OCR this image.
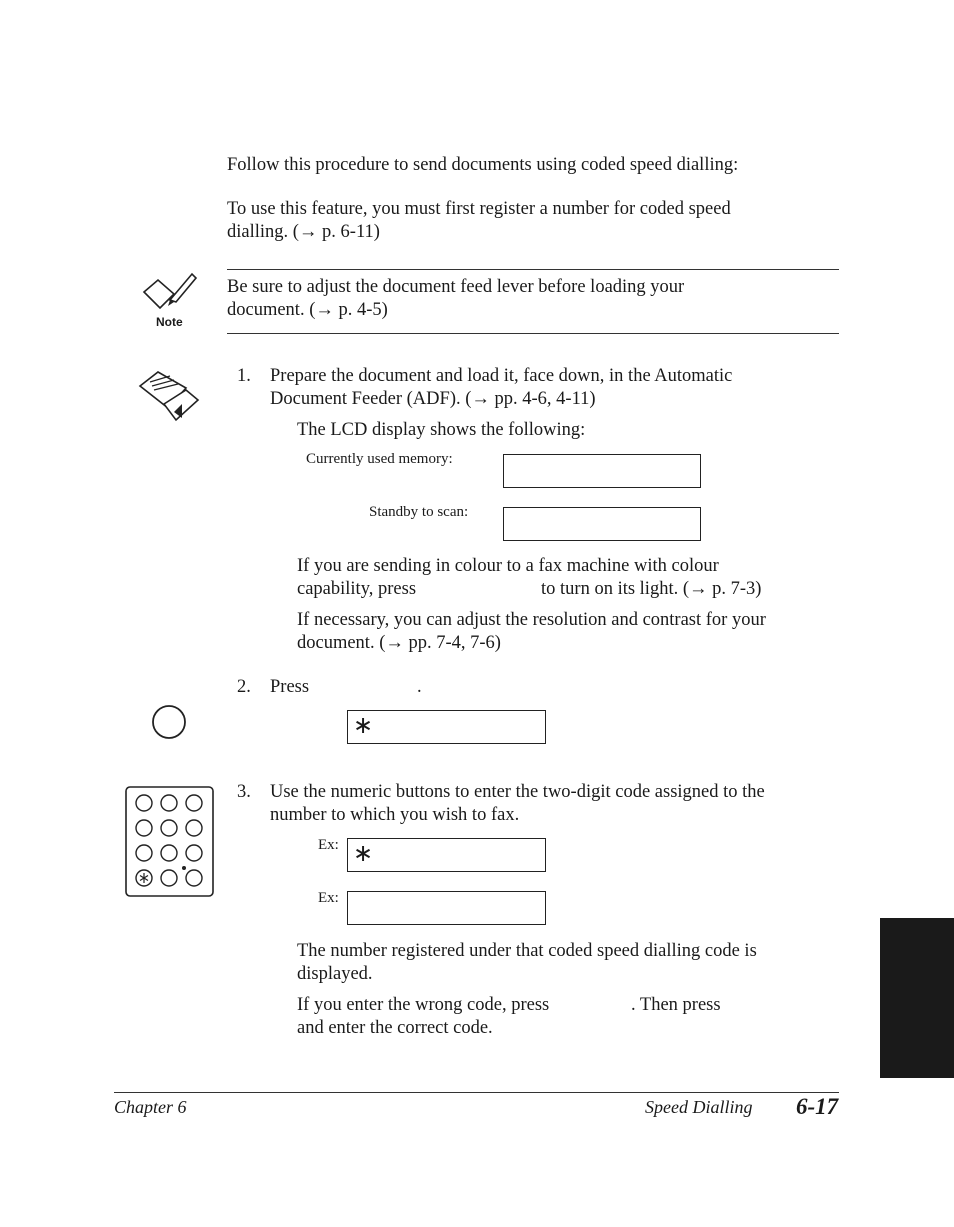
Follow this procedure to send documents using coded speed dialling:
To use this feature, you must first register a number for coded speed
dialling. (→ p. 6-11)
Note
Be sure to adjust the document feed lever before loading your
document. (→ p. 4-5)
1. Prepare the document and load it, face down, in the Automatic
Document Feeder (ADF). (→ pp. 4-6, 4-11)
The LCD display shows the following:
Currently used memory:
Standby to scan:
If you are sending in colour to a fax machine with colour
capability, press	to turn on its light. (→ p. 7-3)
If necessary, you can adjust the resolution and contrast for your
document. (→ pp. 7-4, 7-6)
2. Press	.
∗
3. Use the numeric buttons to enter the two-digit code assigned to the
number to which you wish to fax.
Ex: ∗
Ex:
The number registered under that coded speed dialling code is
displayed.
If you enter the wrong code, press	. Then press
and enter the correct code.
Chapter 6	Speed Dialling 6-17
